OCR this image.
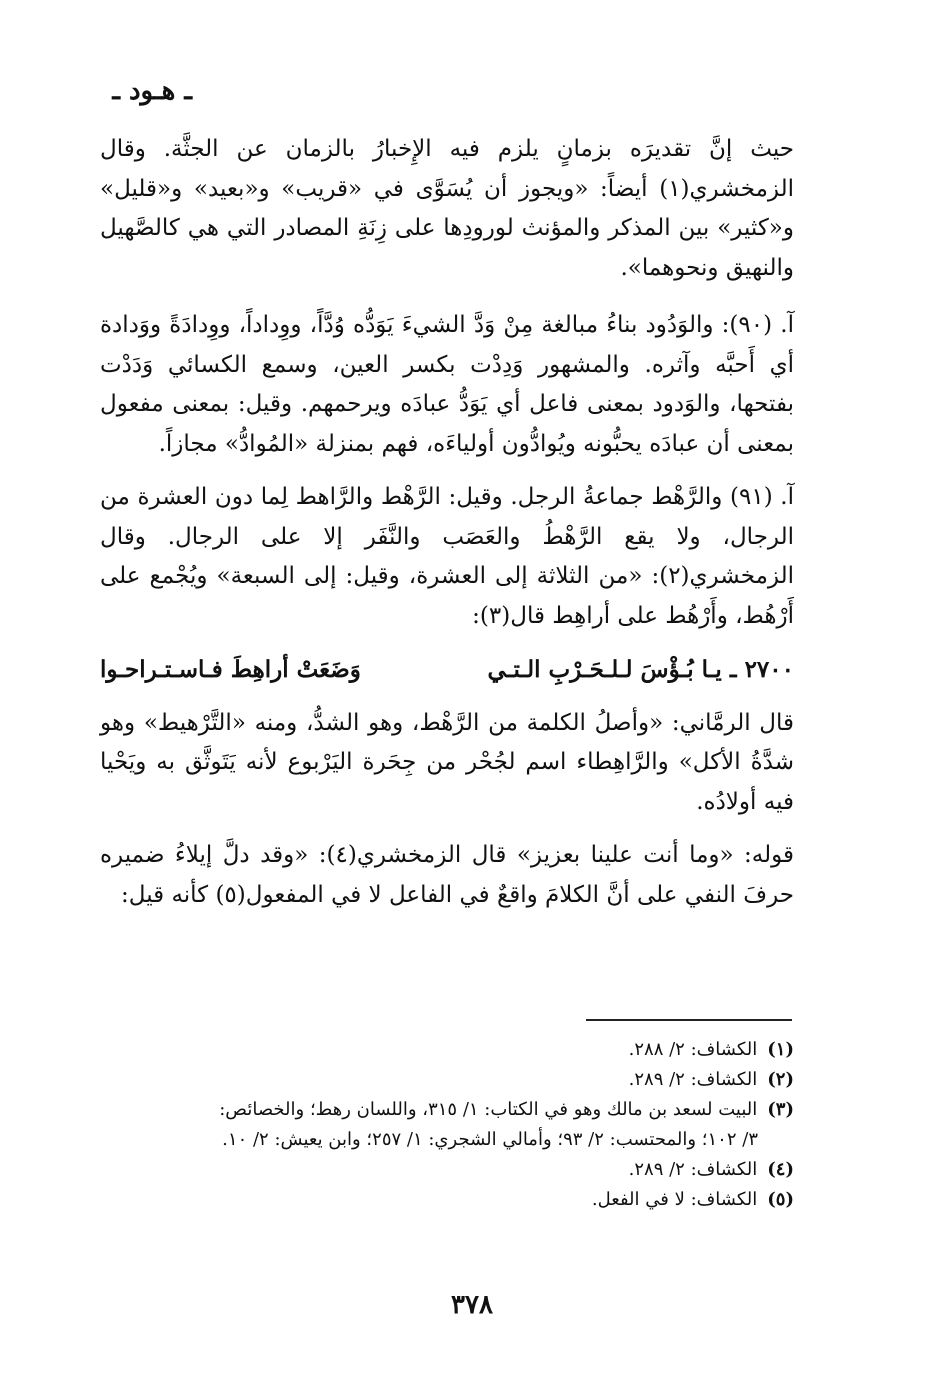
ـ هـود ـ

حيث إنَّ تقديرَه بزمانٍ يلزم فيه الإِخبارُ بالزمان عن الجثَّة. وقال الزمخشري(١) أيضاً: «ويجوز أن يُسَوَّى في «قريب» و«بعيد» و«قليل» و«كثير» بين المذكر والمؤنث لورودِها على زِنَةِ المصادر التي هي كالصَّهيل والنهيق ونحوهما».

آ. (٩٠): والوَدُود بناءُ مبالغة مِنْ وَدَّ الشيءَ يَوَدُّه وُدَّاً، ووِداداً، ووِدادَةً ووَدادة أي أَحبَّه وآثره. والمشهور وَدِدْت بكسر العين، وسمع الكسائي وَدَدْت بفتحها، والوَدود بمعنى فاعل أي يَوَدُّ عبادَه ويرحمهم. وقيل: بمعنى مفعول بمعنى أن عبادَه يحبُّونه ويُوادُّون أولياءَه، فهم بمنزلة «المُوادُّ» مجازاً.

آ. (٩١) والرَّهْط جماعةُ الرجل. وقيل: الرَّهْط والرَّاهط لِما دون العشرة من الرجال، ولا يقع الرَّهْطُ والعَصَب والنَّفَر إلا على الرجال. وقال الزمخشري(٢): «من الثلاثة إلى العشرة، وقيل: إلى السبعة» ويُجْمع على أَرْهُط، وأَرْهُط على أراهِط قال(٣):

٢٧٠٠ ـ يـا بُـؤْسَ لـلـحَـرْبِ الـتـي
وَضَعَتْ أراهِطَ فـاسـتـراحـوا

قال الرمَّاني: «وأصلُ الكلمة من الرَّهْط، وهو الشدُّ، ومنه «التَّرْهيط» وهو شدَّةُ الأكل» والرَّاهِطاء اسم لجُحْر من جِحَرة اليَرْبوع لأنه يَتَوثَّق به ويَحْيا فيه أولادُه.

قوله: «وما أنت علينا بعزيز» قال الزمخشري(٤): «وقد دلَّ إيلاءُ ضميره حرفَ النفي على أنَّ الكلامَ واقعٌ في الفاعل لا في المفعول(٥) كأنه قيل:

(١)الكشاف: ٢/ ٢٨٨.
(٢)الكشاف: ٢/ ٢٨٩.
(٣)البيت لسعد بن مالك وهو في الكتاب: ١/ ٣١٥، واللسان رهط؛ والخصائص:
٣/ ١٠٢؛ والمحتسب: ٢/ ٩٣؛ وأمالي الشجري: ١/ ٢٥٧؛ وابن يعيش: ٢/ ١٠.
(٤)الكشاف: ٢/ ٢٨٩.
(٥)الكشاف: لا في الفعل.
٣٧٨
